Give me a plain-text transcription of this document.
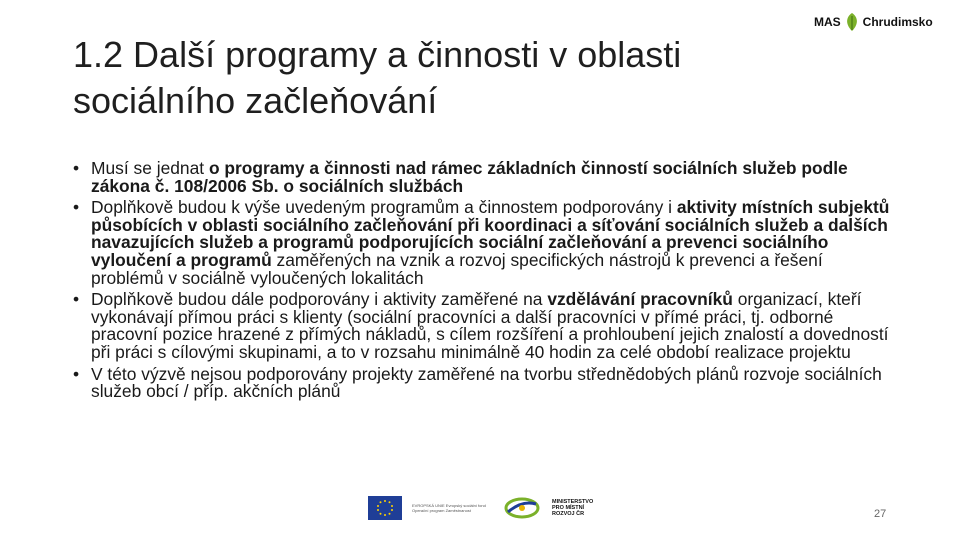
1.2 Další programy a činnosti v oblasti sociálního začleňování
MAS Chrudimsko
• Musí se jednat o programy a činnosti nad rámec základních činností sociálních služeb podle zákona č. 108/2006 Sb. o sociálních službách
• Doplňkově budou k výše uvedeným programům a činnostem podporovány i aktivity místních subjektů působících v oblasti sociálního začleňování při koordinaci a síťování sociálních služeb a dalších navazujících služeb a programů podporujících sociální začleňování a prevenci sociálního vyloučení a programů zaměřených na vznik a rozvoj specifických nástrojů k prevenci a řešení problémů v sociálně vyloučených lokalitách
• Doplňkově budou dále podporovány i aktivity zaměřené na vzdělávání pracovníků organizací, kteří vykonávají přímou práci s klienty (sociální pracovníci a další pracovníci v přímé práci, tj. odborné pracovní pozice hrazené z přímých nákladů, s cílem rozšíření a prohloubení jejich znalostí a dovedností při práci s cílovými skupinami, a to v rozsahu minimálně 40 hodin za celé období realizace projektu
• V této výzvě nejsou podporovány projekty zaměřené na tvorbu střednědobých plánů rozvoje sociálních služeb obcí / příp. akčních plánů
EVROPSKÁ UNIE Evropský sociální fond Operační program Zaměstnanost
MINISTERSTVO PRO MÍSTNÍ ROZVOJ ČR	27
